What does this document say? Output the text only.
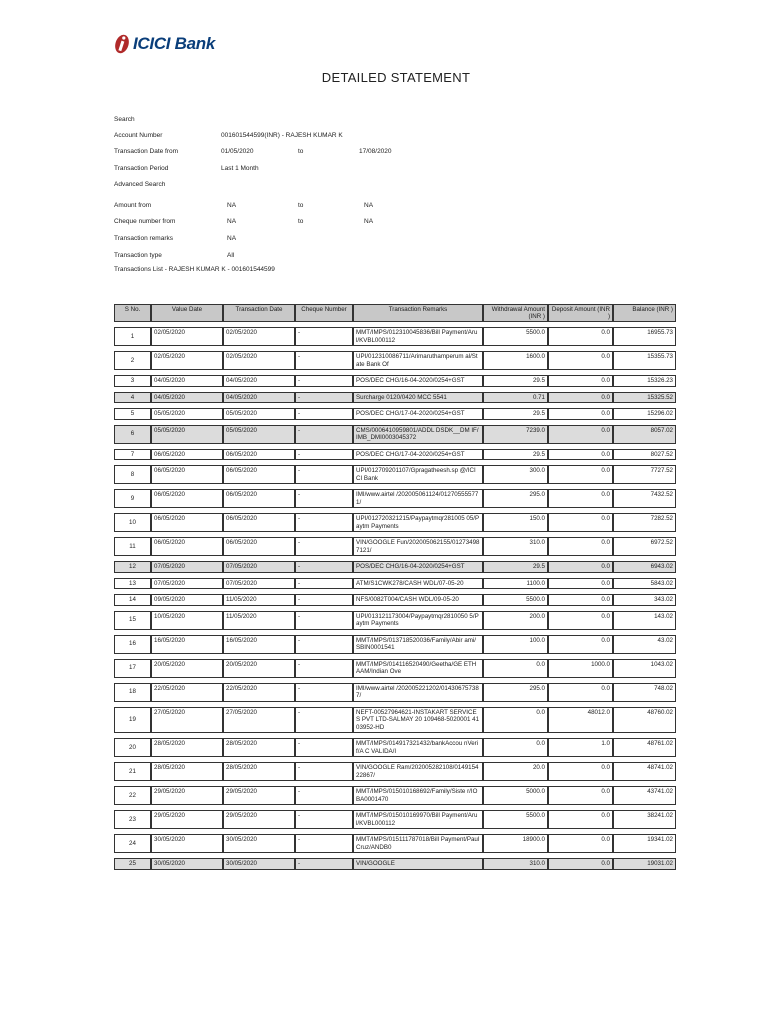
ICICI Bank
DETAILED STATEMENT
Search
Account Number	001601544599(INR) - RAJESH KUMAR K
Transaction Date from	01/05/2020	to	17/08/2020
Transaction Period	Last 1 Month
Advanced Search
Amount from	NA	to	NA
Cheque number from	NA	to	NA
Transaction remarks	NA
Transaction type	All
Transactions List - RAJESH KUMAR K - 001601544599
S No.	Value Date	Transaction Date	Cheque Number	Transaction Remarks	Withdrawal Amount (INR )	Deposit Amount (INR )	Balance (INR )
1	02/05/2020	02/05/2020	-	MMT/IMPS/012310045836/Bill Payment/Arul/KVBL000112	5500.0	0.0	16955.73
2	02/05/2020	02/05/2020	-	UPI/012310086711/Arimaruthamperum al/State Bank Of	1600.0	0.0	15355.73
3	04/05/2020	04/05/2020	-	POS/DEC CHG/16-04-2020/0254+GST	29.5	0.0	15326.23
4	04/05/2020	04/05/2020	-	Surcharge 0120/0420 MCC 5541	0.71	0.0	15325.52
5	05/05/2020	05/05/2020	-	POS/DEC CHG/17-04-2020/0254+GST	29.5	0.0	15296.02
6	05/05/2020	05/05/2020	-	CMS/0006410959801/ADDL DSDK__DM IF/IMB_DMI0003045372	7239.0	0.0	8057.02
7	06/05/2020	06/05/2020	-	POS/DEC CHG/17-04-2020/0254+GST	29.5	0.0	8027.52
8	06/05/2020	06/05/2020	-	UPI/012709201107/Gpragatheesh.sp @/ICICI Bank	300.0	0.0	7727.52
9	06/05/2020	06/05/2020	-	IMI/www.airtel /202005061124/012705555771/	295.0	0.0	7432.52
10	06/05/2020	06/05/2020	-	UPI/012720321215/Paypaytmqr281005 05/Paytm Payments	150.0	0.0	7282.52
11	06/05/2020	06/05/2020	-	VIN/GOOGLE Fun/202005062155/012734987121/	310.0	0.0	6972.52
12	07/05/2020	07/05/2020	-	POS/DEC CHG/16-04-2020/0254+GST	29.5	0.0	6943.02
13	07/05/2020	07/05/2020	-	ATM/S1CWK278/CASH WDL/07-05-20	1100.0	0.0	5843.02
14	09/05/2020	11/05/2020	-	NFS/0082T004/CASH WDL/09-05-20	5500.0	0.0	343.02
15	10/05/2020	11/05/2020	-	UPI/013121173004/Paypaytmqr2810050 5/Paytm Payments	200.0	0.0	143.02
16	16/05/2020	16/05/2020	-	MMT/IMPS/013718520036/Family/Abir ami/SBIN0001541	100.0	0.0	43.02
17	20/05/2020	20/05/2020	-	MMT/IMPS/014116520490/Geetha/GE ETHAAM/Indian Ove	0.0	1000.0	1043.02
18	22/05/2020	22/05/2020	-	IMI/www.airtel /202005221202/014306757387/	295.0	0.0	748.02
19	27/05/2020	27/05/2020	-	NEFT-00527964621-INSTAKART SERVICES PVT LTD-SALMAY 20 109468-5020001 4103952-HD	0.0	48012.0	48760.02
20	28/05/2020	28/05/2020	-	MMT/IMPS/014917321432/bankAccou nVerif/A C VALIDA/I	0.0	1.0	48761.02
21	28/05/2020	28/05/2020	-	VIN/GOOGLE Ram/202005282108/014915422867/	20.0	0.0	48741.02
22	29/05/2020	29/05/2020	-	MMT/IMPS/015010168692/Family/Siste r/IOBA0001470	5000.0	0.0	43741.02
23	29/05/2020	29/05/2020	-	MMT/IMPS/015010169970/Bill Payment/Arul/KVBL000112	5500.0	0.0	38241.02
24	30/05/2020	30/05/2020	-	MMT/IMPS/015111787018/Bill Payment/Paul Cruz/ANDB0	18900.0	0.0	19341.02
25	30/05/2020	30/05/2020	-	VIN/GOOGLE	310.0	0.0	19031.02
